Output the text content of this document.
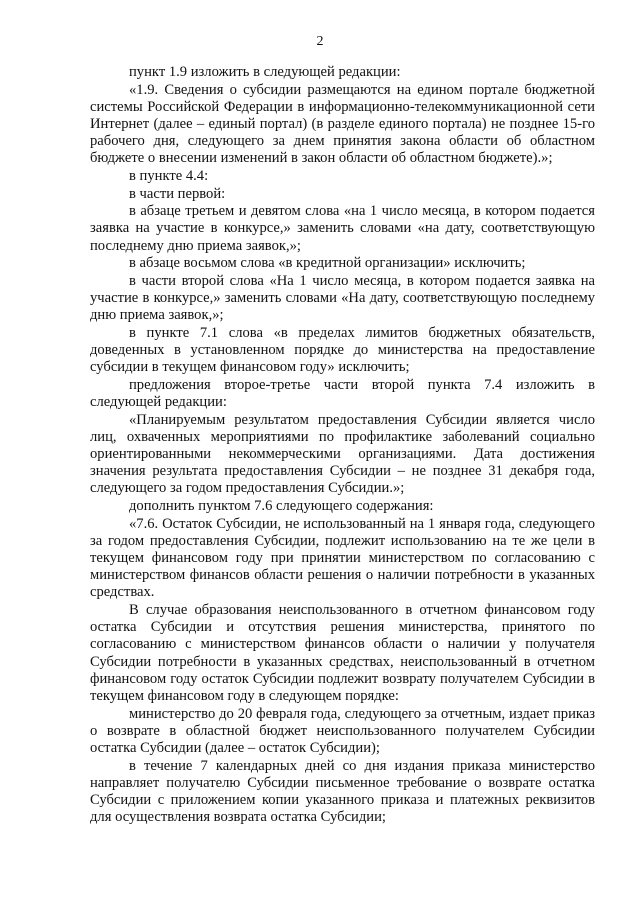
2

пункт 1.9 изложить в следующей редакции:

«1.9. Сведения о субсидии размещаются на едином портале бюджетной системы Российской Федерации в информационно-телекоммуникационной сети Интернет (далее – единый портал) (в разделе единого портала) не позднее 15-го рабочего дня, следующего за днем принятия закона области об областном бюджете о внесении изменений в закон области об областном бюджете).»;

в пункте 4.4:

в части первой:

в абзаце третьем и девятом слова «на 1 число месяца, в котором подается заявка на участие в конкурсе,» заменить словами «на дату, соответствующую последнему дню приема заявок,»;

в абзаце восьмом слова «в кредитной организации» исключить;

в части второй слова «На 1 число месяца, в котором подается заявка на участие в конкурсе,» заменить словами «На дату, соответствующую последнему дню приема заявок,»;

в пункте 7.1 слова «в пределах лимитов бюджетных обязательств, доведенных в установленном порядке до министерства на предоставление субсидии в текущем финансовом году» исключить;

предложения второе-третье части второй пункта 7.4 изложить в следующей редакции:

«Планируемым результатом предоставления Субсидии является число лиц, охваченных мероприятиями по профилактике заболеваний социально ориентированными некоммерческими организациями. Дата достижения значения результата предоставления Субсидии – не позднее 31 декабря года, следующего за годом предоставления Субсидии.»;

дополнить пунктом 7.6 следующего содержания:

«7.6. Остаток Субсидии, не использованный на 1 января года, следующего за годом предоставления Субсидии, подлежит использованию на те же цели в текущем финансовом году при принятии министерством по согласованию с министерством финансов области решения о наличии потребности в указанных средствах.

В случае образования неиспользованного в отчетном финансовом году остатка Субсидии и отсутствия решения министерства, принятого по согласованию с министерством финансов области о наличии у получателя Субсидии потребности в указанных средствах, неиспользованный в отчетном финансовом году остаток Субсидии подлежит возврату получателем Субсидии в текущем финансовом году в следующем порядке:

министерство до 20 февраля года, следующего за отчетным, издает приказ о возврате в областной бюджет неиспользованного получателем Субсидии остатка Субсидии (далее – остаток Субсидии);

в течение 7 календарных дней со дня издания приказа министерство направляет получателю Субсидии письменное требование о возврате остатка Субсидии с приложением копии указанного приказа и платежных реквизитов для осуществления возврата остатка Субсидии;
